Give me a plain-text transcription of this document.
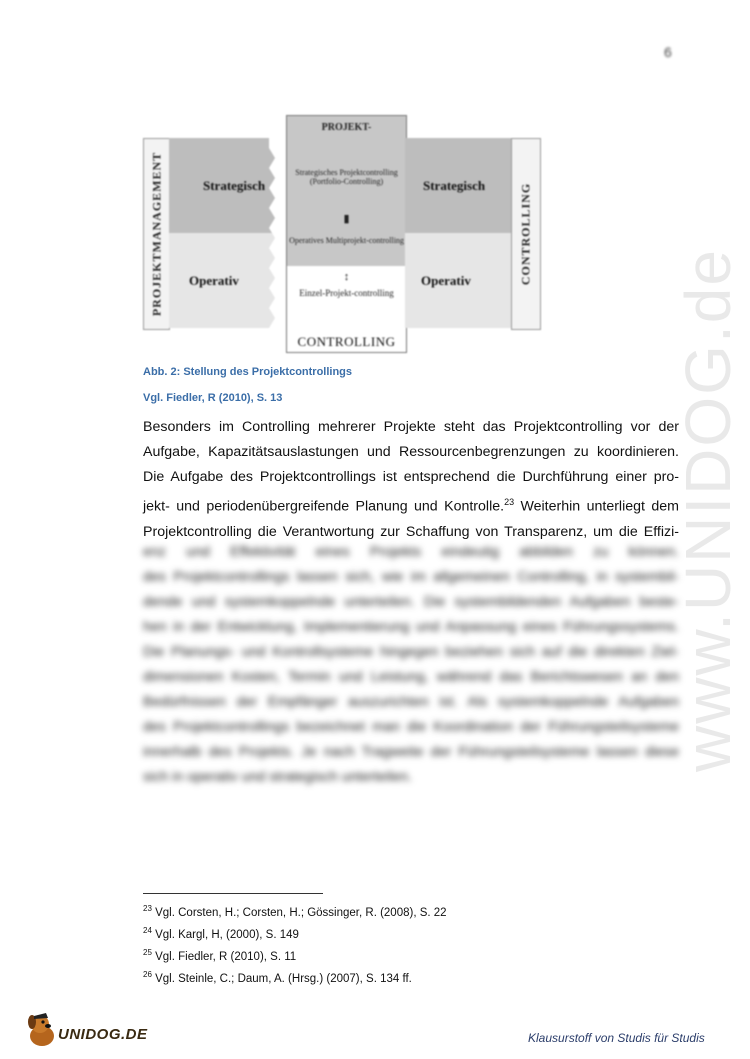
6
www.UNIDOG.de
PROJEKTMANAGEMENT	Strategisch
Operativ
PROJEKT-
Strategisches Projektcontrolling (Portfolio-Controlling)
▮
Operatives Multiprojekt-controlling
↕
Einzel-Projekt-controlling
CONTROLLING
Strategisch
Operativ	CONTROLLING
Abb. 2: Stellung des Projektcontrollings
Vgl. Fiedler, R (2010), S. 13
Besonders im Controlling mehrerer Projekte steht das Projektcontrolling vor der
Aufgabe, Kapazitätsauslastungen und Ressourcenbegrenzungen zu koordinieren.
Die Aufgabe des Projektcontrollings ist entsprechend die Durchführung einer pro-
jekt- und periodenübergreifende Planung und Kontrolle.$^{23}$ Weiterhin unterliegt dem
Projektcontrolling die Verantwortung zur Schaffung von Transparenz, um die Effizi-
enz und Effektivität eines Projekts eindeutig abbilden zu können.
des Projektcontrollings lassen sich, wie im allgemeinen Controlling, in systembil-
dende und systemkoppelnde unterteilen. Die systembildenden Aufgaben beste-
hen in der Entwicklung, Implementierung und Anpassung eines Führungssystems.
Die Planungs- und Kontrollsysteme hingegen beziehen sich auf die direkten Ziel-
dimensionen Kosten, Termin und Leistung, während das Berichtswesen an den
Bedürfnissen der Empfänger auszurichten ist. Als systemkoppelnde Aufgaben
des Projektcontrollings bezeichnet man die Koordination der Führungsteilsysteme
innerhalb des Projekts. Je nach Tragweite der Führungsteilsysteme lassen diese
sich in operativ und strategisch unterteilen.
$^{23}$ Vgl. Corsten, H.; Corsten, H.; Gössinger, R. (2008), S. 22
$^{24}$ Vgl. Kargl, H, (2000), S. 149
$^{25}$ Vgl. Fiedler, R (2010), S. 11
$^{26}$ Vgl. Steinle, C.; Daum, A. (Hrsg.) (2007), S. 134 ff.
UNIDOG.DE	Klausurstoff von Studis für Studis
